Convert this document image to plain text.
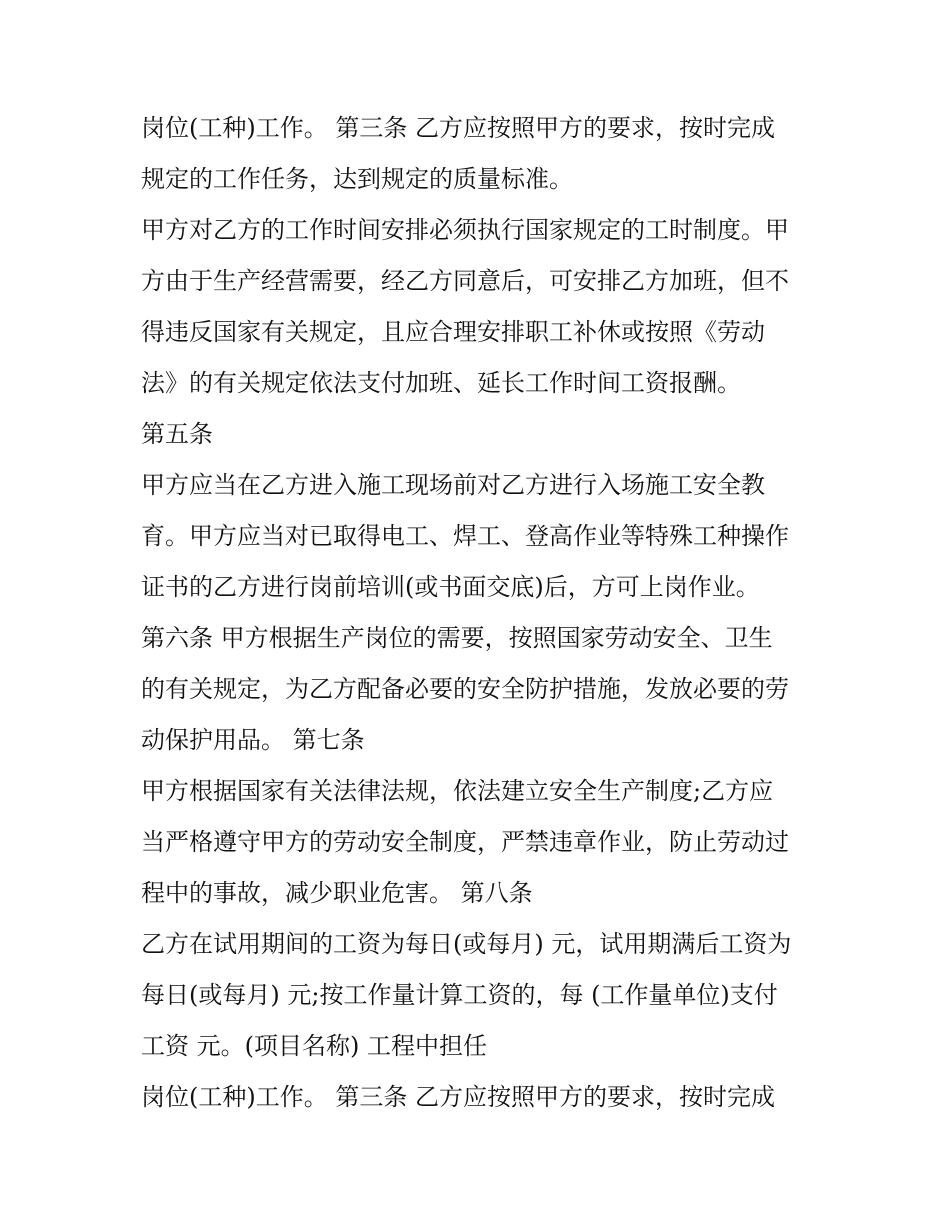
岗位(工种)工作。 第三条 乙方应按照甲方的要求，按时完成
规定的工作任务，达到规定的质量标准。
甲方对乙方的工作时间安排必须执行国家规定的工时制度。甲
方由于生产经营需要，经乙方同意后，可安排乙方加班，但不
得违反国家有关规定，且应合理安排职工补休或按照《劳动
法》的有关规定依法支付加班、延长工作时间工资报酬。
第五条
甲方应当在乙方进入施工现场前对乙方进行入场施工安全教
育。甲方应当对已取得电工、焊工、登高作业等特殊工种操作
证书的乙方进行岗前培训(或书面交底)后，方可上岗作业。
第六条 甲方根据生产岗位的需要，按照国家劳动安全、卫生
的有关规定，为乙方配备必要的安全防护措施，发放必要的劳
动保护用品。 第七条
甲方根据国家有关法律法规，依法建立安全生产制度;乙方应
当严格遵守甲方的劳动安全制度，严禁违章作业，防止劳动过
程中的事故，减少职业危害。 第八条
乙方在试用期间的工资为每日(或每月) 元，试用期满后工资为
每日(或每月) 元;按工作量计算工资的，每 (工作量单位)支付
工资 元。(项目名称) 工程中担任
岗位(工种)工作。 第三条 乙方应按照甲方的要求，按时完成
